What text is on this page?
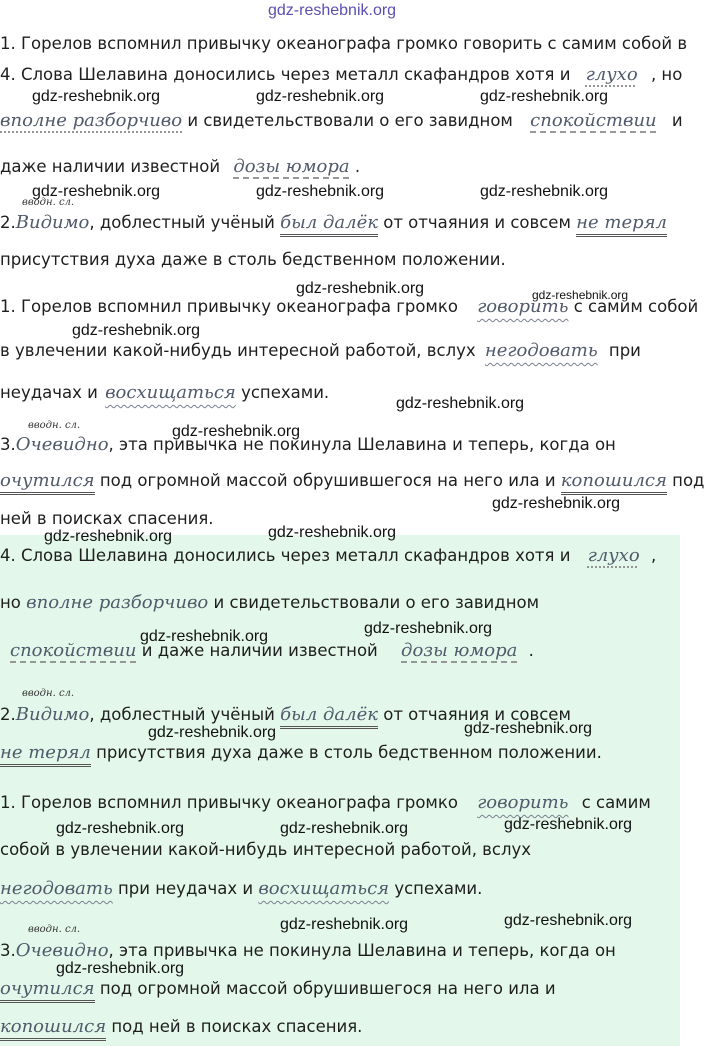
gdz-reshebnik.org
1. Горелов вспомнил привычку океанографа громко говорить с самим собой в
4. Слова Шелавина доносились через металл скафандров хотя и глухо , но
gdz-reshebnik.org	gdz-reshebnik.org	gdz-reshebnik.org
вполне разборчиво и свидетельствовали о его завидном спокойствии и
даже наличии известной дозы юмора .
gdz-reshebnik.org	gdz-reshebnik.org	gdz-reshebnik.org
вводн. сл.
2.Видимо, доблестный учёный был далёк от отчаяния и совсем не терял
присутствия духа даже в столь бедственном положении.
gdz-reshebnik.org	gdz-reshebnik.org
1. Горелов вспомнил привычку океанографа громко говорить с самим собой
gdz-reshebnik.org
в увлечении какой-нибудь интересной работой, вслух негодовать при
неудачах и восхищаться успехами.
gdz-reshebnik.org
вводн. сл.	gdz-reshebnik.org
3.Очевидно, эта привычка не покинула Шелавина и теперь, когда он
очутился под огромной массой обрушившегося на него ила и копошился под
gdz-reshebnik.org
ней в поисках спасения.
gdz-reshebnik.org	gdz-reshebnik.org
4. Слова Шелавина доносились через металл скафандров хотя и глухо ,
но вполне разборчиво и свидетельствовали о его завидном
gdz-reshebnik.org
gdz-reshebnik.org
спокойствии и даже наличии известной дозы юмора .
вводн. сл.
2.Видимо, доблестный учёный был далёк от отчаяния и совсем
gdz-reshebnik.org	gdz-reshebnik.org
не терял присутствия духа даже в столь бедственном положении.
1. Горелов вспомнил привычку океанографа громко говорить с самим
gdz-reshebnik.org	gdz-reshebnik.org	gdz-reshebnik.org
собой в увлечении какой-нибудь интересной работой, вслух
негодовать при неудачах и восхищаться успехами.
gdz-reshebnik.org	gdz-reshebnik.org
вводн. сл.
3.Очевидно, эта привычка не покинула Шелавина и теперь, когда он
gdz-reshebnik.org
очутился под огромной массой обрушившегося на него ила и
копошился под ней в поисках спасения.
